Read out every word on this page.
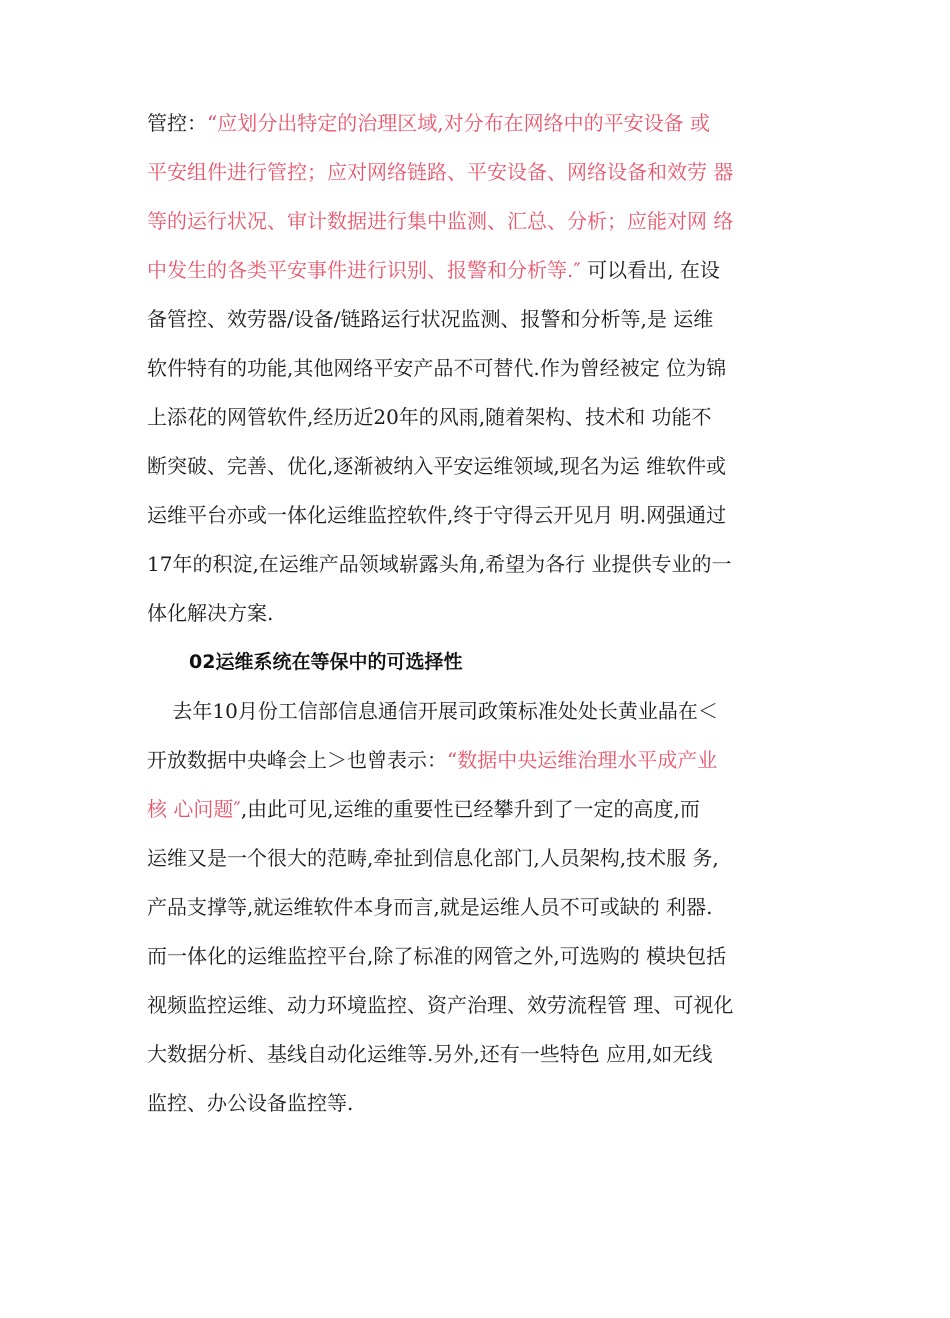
管控：“应划分出特定的治理区域,对分布在网络中的平安设备 或
平安组件进行管控；应对网络链路、平安设备、网络设备和效劳 器
等的运行状况、审计数据进行集中监测、汇总、分析；应能对网 络
中发生的各类平安事件进行识别、报警和分析等.″ 可以看出, 在设
备管控、效劳器/设备/链路运行状况监测、报警和分析等,是 运维
软件特有的功能,其他网络平安产品不可替代.作为曾经被定 位为锦
上添花的网管软件,经历近20年的风雨,随着架构、技术和 功能不
断突破、完善、优化,逐渐被纳入平安运维领域,现名为运 维软件或
运维平台亦或一体化运维监控软件,终于守得云开见月 明.网强通过
17年的积淀,在运维产品领域崭露头角,希望为各行 业提供专业的一
体化解决方案.
02运维系统在等保中的可选择性
去年10月份工信部信息通信开展司政策标准处处长黄业晶在＜
开放数据中央峰会上＞也曾表示：“数据中央运维治理水平成产业
核 心问题″,由此可见,运维的重要性已经攀升到了一定的高度,而
运维又是一个很大的范畴,牵扯到信息化部门,人员架构,技术服 务,
产品支撑等,就运维软件本身而言,就是运维人员不可或缺的 利器.
而一体化的运维监控平台,除了标准的网管之外,可选购的 模块包括
视频监控运维、动力环境监控、资产治理、效劳流程管 理、可视化
大数据分析、基线自动化运维等.另外,还有一些特色 应用,如无线
监控、办公设备监控等.
